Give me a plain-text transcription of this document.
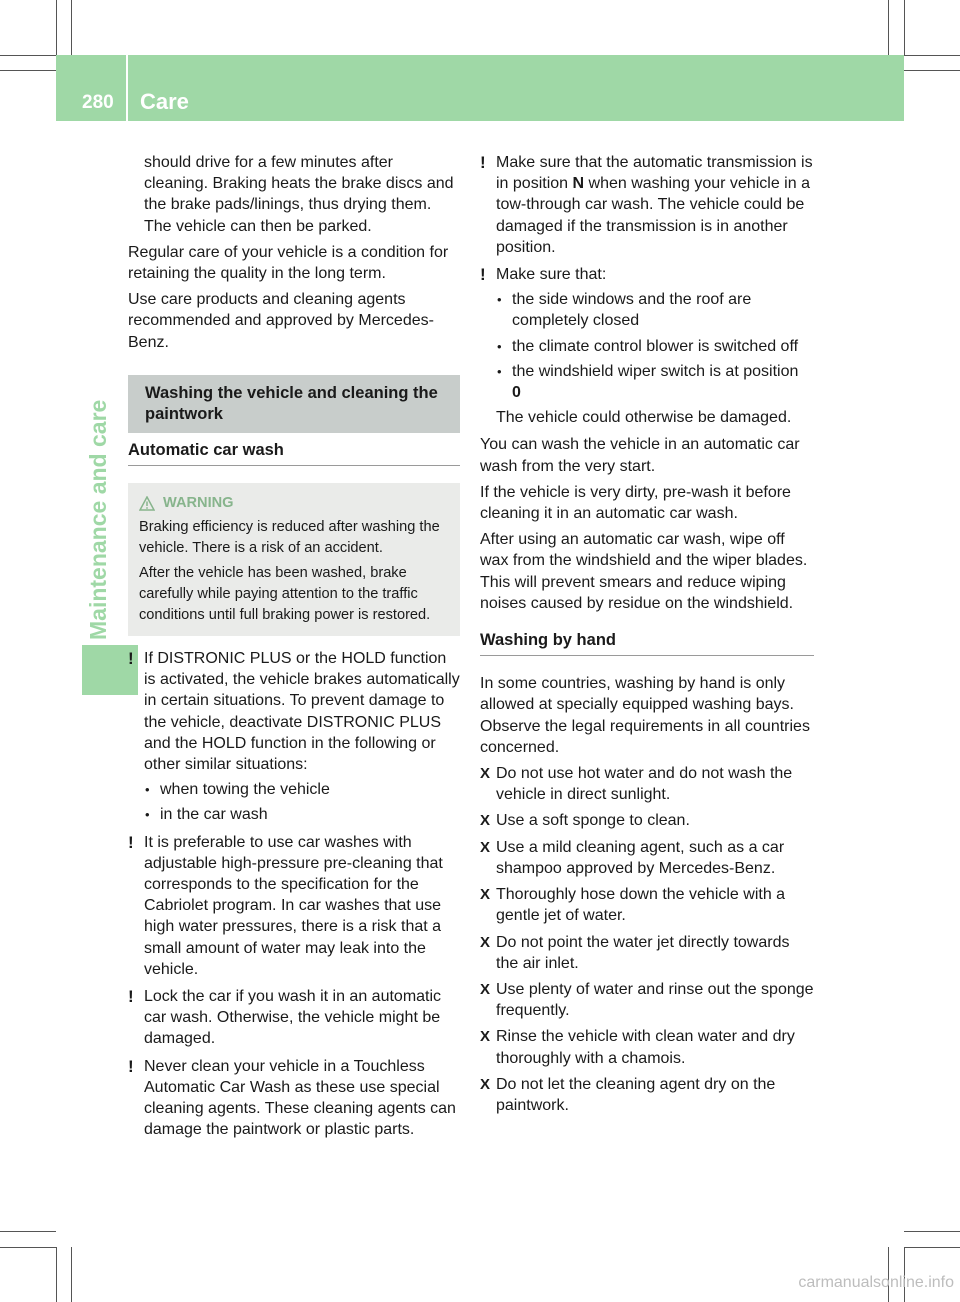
280 Care
Maintenance and care

should drive for a few minutes after cleaning. Braking heats the brake discs and the brake pads/linings, thus drying them. The vehicle can then be parked.

Regular care of your vehicle is a condition for retaining the quality in the long term.

Use care products and cleaning agents recommended and approved by Mercedes-Benz.

Washing the vehicle and cleaning the paintwork
Automatic car wash
WARNING

Braking efficiency is reduced after washing the vehicle. There is a risk of an accident.

After the vehicle has been washed, brake carefully while paying attention to the traffic conditions until full braking power is restored.

! If DISTRONIC PLUS or the HOLD function is activated, the vehicle brakes automatically in certain situations. To prevent damage to the vehicle, deactivate DISTRONIC PLUS and the HOLD function in the following or other similar situations:
• when towing the vehicle
• in the car wash
! It is preferable to use car washes with adjustable high-pressure pre-cleaning that corresponds to the specification for the Cabriolet program. In car washes that use high water pressures, there is a risk that a small amount of water may leak into the vehicle.
! Lock the car if you wash it in an automatic car wash. Otherwise, the vehicle might be damaged.
! Never clean your vehicle in a Touchless Automatic Car Wash as these use special cleaning agents. These cleaning agents can damage the paintwork or plastic parts.
! Make sure that the automatic transmission is in position N when washing your vehicle in a tow-through car wash. The vehicle could be damaged if the transmission is in another position.
! Make sure that:
• the side windows and the roof are completely closed
• the climate control blower is switched off
• the windshield wiper switch is at position
0

The vehicle could otherwise be damaged.

You can wash the vehicle in an automatic car wash from the very start.

If the vehicle is very dirty, pre-wash it before cleaning it in an automatic car wash.

After using an automatic car wash, wipe off wax from the windshield and the wiper blades. This will prevent smears and reduce wiping noises caused by residue on the windshield.

Washing by hand

In some countries, washing by hand is only allowed at specially equipped washing bays. Observe the legal requirements in all countries concerned.

X Do not use hot water and do not wash the vehicle in direct sunlight.
X Use a soft sponge to clean.
X Use a mild cleaning agent, such as a car shampoo approved by Mercedes-Benz.
X Thoroughly hose down the vehicle with a gentle jet of water.
X Do not point the water jet directly towards the air inlet.
X Use plenty of water and rinse out the sponge frequently.
X Rinse the vehicle with clean water and dry thoroughly with a chamois.
X Do not let the cleaning agent dry on the paintwork.
carmanualsonline.info
